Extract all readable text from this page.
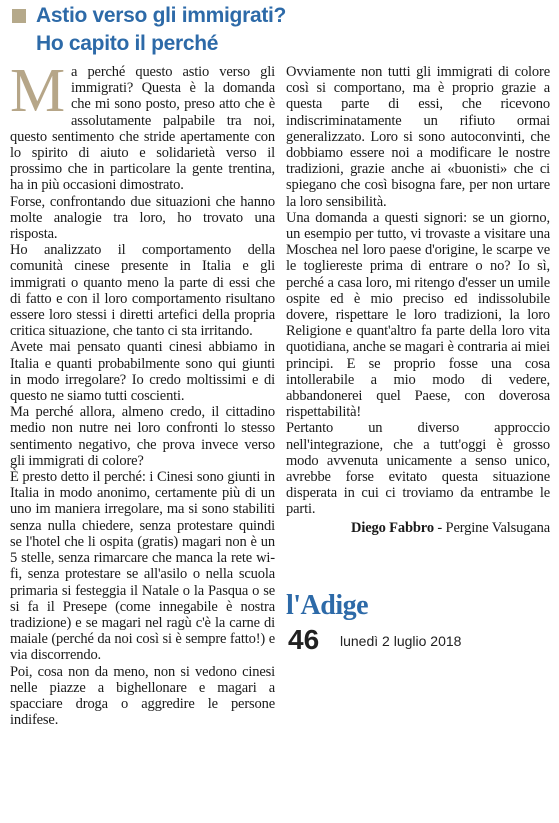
Astio verso gli immigrati?
Ho capito il perché

Ma perché questo astio verso gli immigrati? Questa è la domanda che mi sono posto, preso atto che è assolutamente palpabile tra noi, questo sentimento che stride apertamente con lo spirito di aiuto e solidarietà verso il prossimo che in particolare la gente trentina, ha in più occasioni dimostrato.

Forse, confrontando due situazioni che hanno molte analogie tra loro, ho trovato una risposta.

Ho analizzato il comportamento della comunità cinese presente in Italia e gli immigrati o quanto meno la parte di essi che di fatto e con il loro comportamento risultano essere loro stessi i diretti artefici della propria critica situazione, che tanto ci sta irritando.

Avete mai pensato quanti cinesi abbiamo in Italia e quanti probabilmente sono qui giunti in modo irregolare? Io credo moltissimi e di questo ne siamo tutti coscienti.

Ma perché allora, almeno credo, il cittadino medio non nutre nei loro confronti lo stesso sentimento negativo, che prova invece verso gli immigrati di colore?

È presto detto il perché: i Cinesi sono giunti in Italia in modo anonimo, certamente più di un uno im maniera irregolare, ma si sono stabiliti senza nulla chiedere, senza protestare quindi se l'hotel che li ospita (gratis) magari non è un 5 stelle, senza rimarcare che manca la rete wi-fi, senza protestare se all'asilo o nella scuola primaria si festeggia il Natale o la Pasqua o se si fa il Presepe (come innegabile è nostra tradizione) e se magari nel ragù c'è la carne di maiale (perché da noi così si è sempre fatto!) e via discorrendo.

Poi, cosa non da meno, non si vedono cinesi nelle piazze a bighellonare e magari a spacciare droga o aggredire le persone indifese.

Ovviamente non tutti gli immigrati di colore così si comportano, ma è proprio grazie a questa parte di essi, che ricevono indiscriminatamente un rifiuto ormai generalizzato. Loro si sono autoconvinti, che dobbiamo essere noi a modificare le nostre tradizioni, grazie anche ai «buonisti» che ci spiegano che così bisogna fare, per non urtare la loro sensibilità.

Una domanda a questi signori: se un giorno, un esempio per tutto, vi trovaste a visitare una Moschea nel loro paese d'origine, le scarpe ve le togliereste prima di entrare o no? Io sì, perché a casa loro, mi ritengo d'esser un umile ospite ed è mio preciso ed indissolubile dovere, rispettare le loro tradizioni, la loro Religione e quant'altro fa parte della loro vita quotidiana, anche se magari è contraria ai miei principi. E se proprio fosse una cosa intollerabile a mio modo di vedere, abbandonerei quel Paese, con doverosa rispettabilità!

Pertanto un diverso approccio nell'integrazione, che a tutt'oggi è grosso modo avvenuta unicamente a senso unico, avrebbe forse evitato questa situazione disperata in cui ci troviamo da entrambe le parti.

Diego Fabbro - Pergine Valsugana
l'Adige
46 lunedì 2 luglio 2018
